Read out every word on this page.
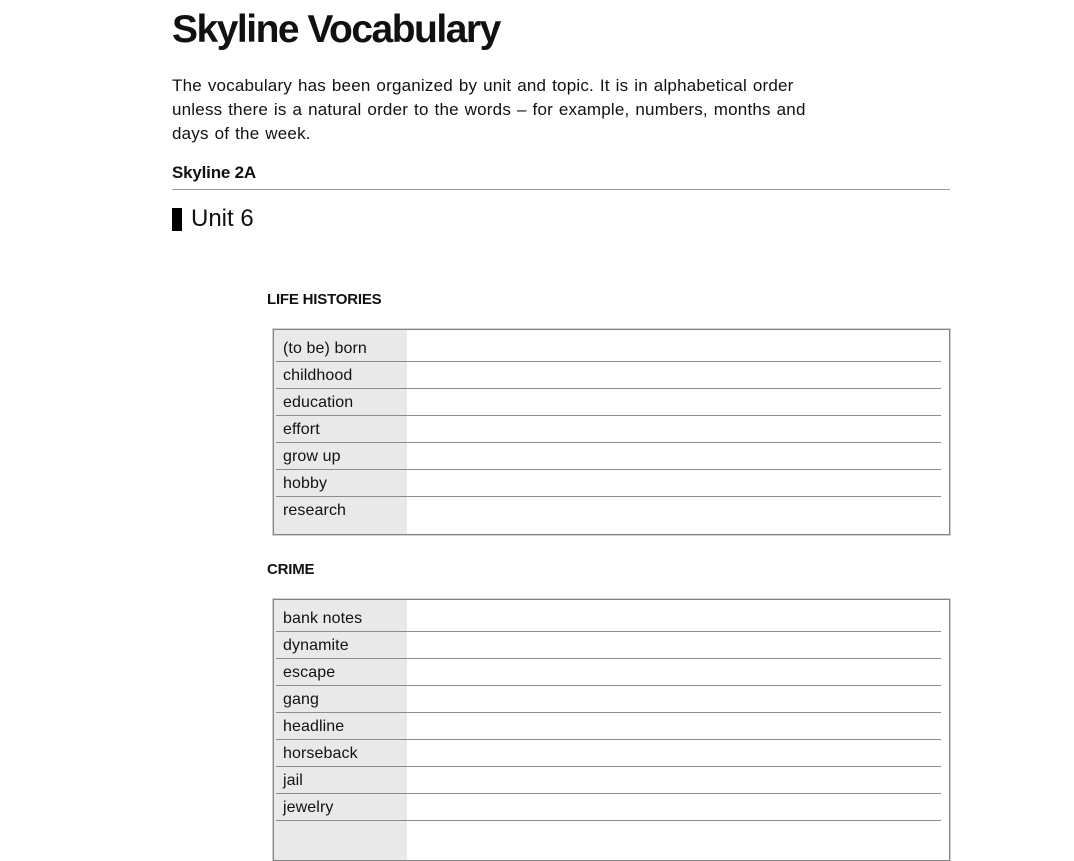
Skyline Vocabulary
The vocabulary has been organized by unit and topic. It is in alphabetical order
unless there is a natural order to the words – for example, numbers, months and
days of the week.
Skyline 2A
Unit 6
LIFE HISTORIES
(to be) born
childhood
education
effort
grow up
hobby
research
CRIME
bank notes
dynamite
escape
gang
headline
horseback
jail
jewelry
